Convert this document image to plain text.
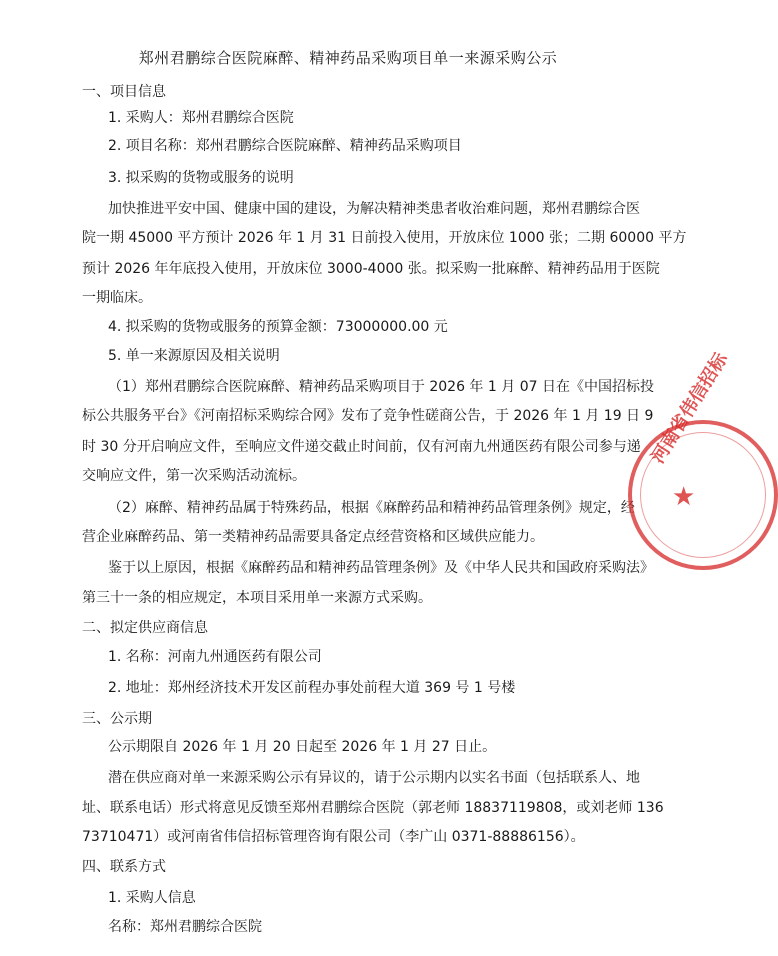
郑州君鹏综合医院麻醉、精神药品采购项目单一来源采购公示
一、项目信息
1. 采购人：郑州君鹏综合医院
2. 项目名称：郑州君鹏综合医院麻醉、精神药品采购项目
3. 拟采购的货物或服务的说明
加快推进平安中国、健康中国的建设，为解决精神类患者收治难问题，郑州君鹏综合医
院一期 45000 平方预计 2026 年 1 月 31 日前投入使用，开放床位 1000 张；二期 60000 平方
预计 2026 年年底投入使用，开放床位 3000-4000 张。拟采购一批麻醉、精神药品用于医院
一期临床。
4. 拟采购的货物或服务的预算金额：73000000.00 元
5. 单一来源原因及相关说明
（1）郑州君鹏综合医院麻醉、精神药品采购项目于 2026 年 1 月 07 日在《中国招标投
标公共服务平台》《河南招标采购综合网》发布了竞争性磋商公告，于 2026 年 1 月 19 日 9
时 30 分开启响应文件，至响应文件递交截止时间前，仅有河南九州通医药有限公司参与递
交响应文件，第一次采购活动流标。
（2）麻醉、精神药品属于特殊药品，根据《麻醉药品和精神药品管理条例》规定，经
营企业麻醉药品、第一类精神药品需要具备定点经营资格和区域供应能力。
鉴于以上原因，根据《麻醉药品和精神药品管理条例》及《中华人民共和国政府采购法》
第三十一条的相应规定，本项目采用单一来源方式采购。
二、拟定供应商信息
1. 名称：河南九州通医药有限公司
2. 地址：郑州经济技术开发区前程办事处前程大道 369 号 1 号楼
三、公示期
公示期限自 2026 年 1 月 20 日起至 2026 年 1 月 27 日止。
潜在供应商对单一来源采购公示有异议的，请于公示期内以实名书面（包括联系人、地
址、联系电话）形式将意见反馈至郑州君鹏综合医院（郭老师 18837119808，或刘老师 136
73710471）或河南省伟信招标管理咨询有限公司（李广山 0371-88886156）。
四、联系方式
1. 采购人信息
名称：郑州君鹏综合医院
河南省伟信招标
★
